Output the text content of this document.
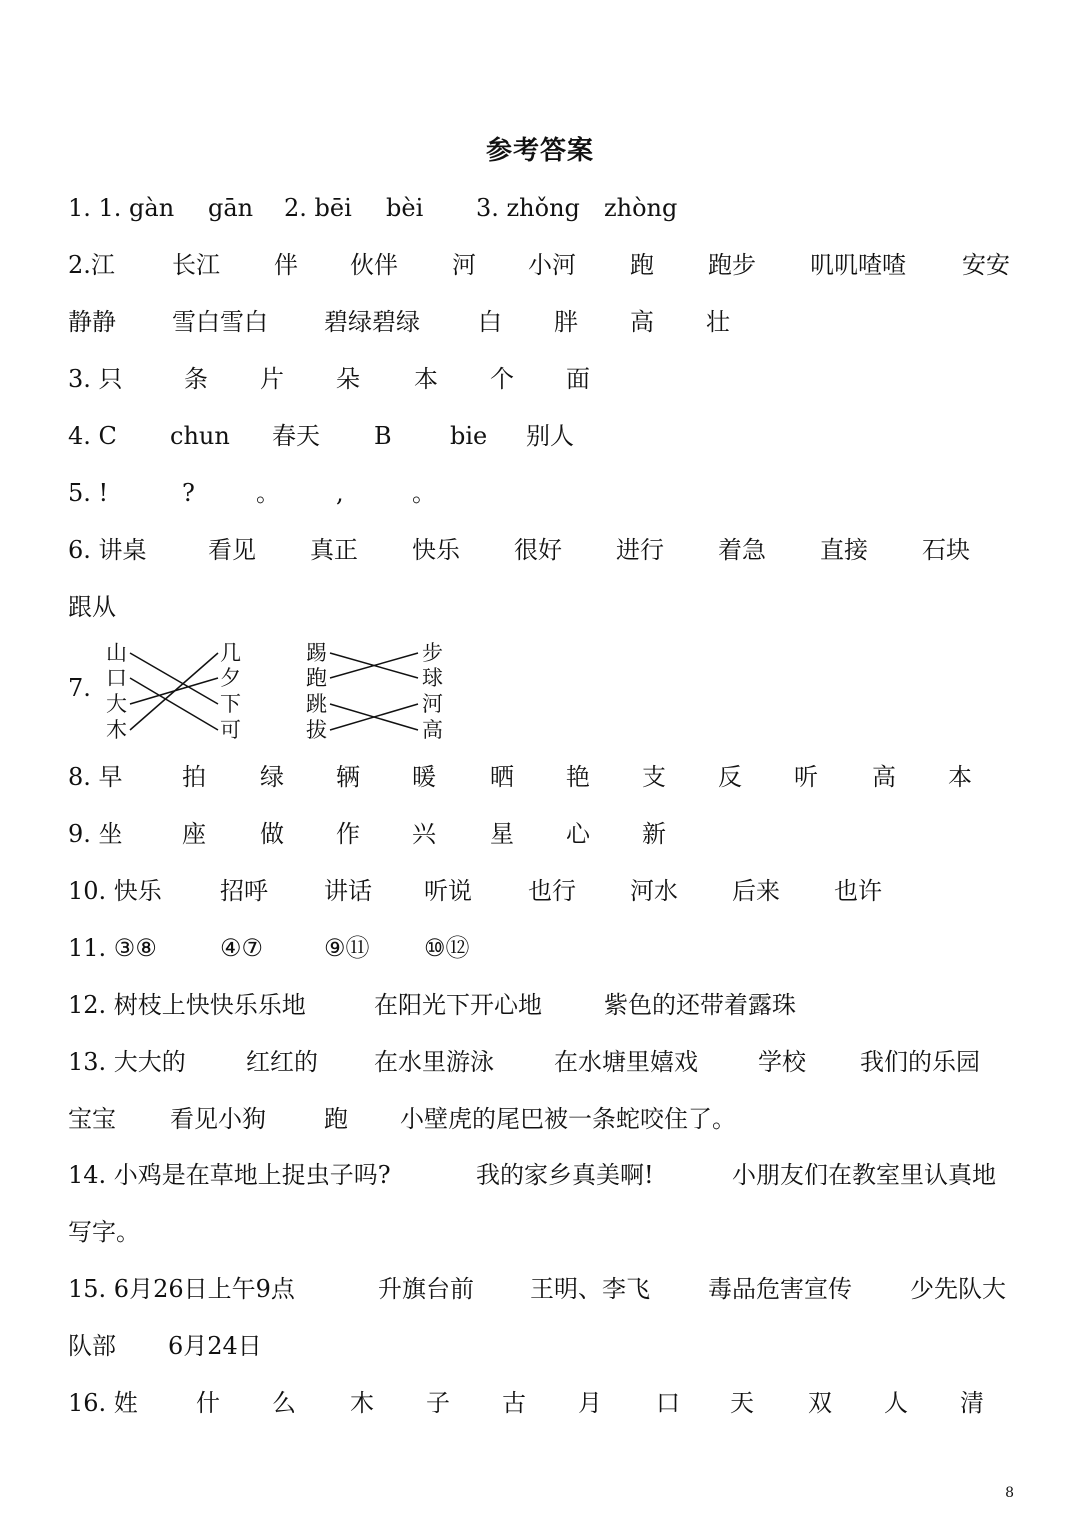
参考答案
1. 1. gàn gān 2. bēi bèi 3. zhǒng zhòng
2.江 长江 伴 伙伴 河 小河 跑 跑步 叽叽喳喳 安安
静静 雪白雪白 碧绿碧绿 白 胖 高 壮
3. 只	条 片 朵 本 个 面
4. C chun 春天 B bie 别人
5. !	?	。 ,	。
6. 讲桌	看见 真正 快乐 很好 进行 着急 直接 石块
跟从
7.
山
口
大
木
几
夕
下
可
踢
跑
跳
拔
步
球
河
高
8. 早 拍 绿 辆 暖 晒 艳 支 反 听 高 本
9. 坐 座 做 作 兴 星 心 新
10. 快乐 招呼 讲话 听说 也行 河水 后来 也许
11. ③⑧	④⑦	⑨⑪ ⑩⑫
12. 树枝上快快乐乐地	在阳光下开心地	紫色的还带着露珠
13. 大大的	红红的 在水里游泳	在水塘里嬉戏	学校 我们的乐园
宝宝 看见小狗 跑 小壁虎的尾巴被一条蛇咬住了。
14. 小鸡是在草地上捉虫子吗?	我的家乡真美啊!	小朋友们在教室里认真地
写字。
15. 6月26日上午9点	升旗台前 王明、李飞 毒品危害宣传 少先队大
队部 6月24日
16. 姓 什 么 木 子 古 月 口 天 双 人 清
8
